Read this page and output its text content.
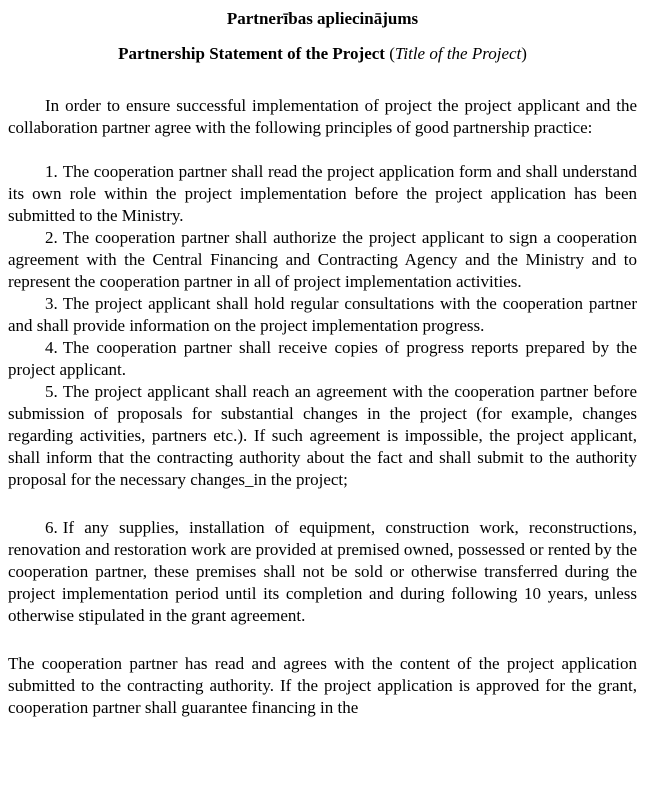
Partnerības apliecinājums
Partnership Statement of the Project (Title of the Project)

In order to ensure successful implementation of project the project applicant and the collaboration partner agree with the following principles of good partnership practice:

1. The cooperation partner shall read the project application form and shall understand its own role within the project implementation before the project application has been submitted to the Ministry.

2. The cooperation partner shall authorize the project applicant to sign a cooperation agreement with the Central Financing and Contracting Agency and the Ministry and to represent the cooperation partner in all of project implementation activities.

3. The project applicant shall hold regular consultations with the cooperation partner and shall provide information on the project implementation progress.

4. The cooperation partner shall receive copies of progress reports prepared by the project applicant.

5. The project applicant shall reach an agreement with the cooperation partner before submission of proposals for substantial changes in the project (for example, changes regarding activities, partners etc.). If such agreement is impossible, the project applicant, shall inform that the contracting authority about the fact and shall submit to the authority proposal for the necessary changes_in the project;

6. If any supplies, installation of equipment, construction work, reconstructions, renovation and restoration work are provided at premised owned, possessed or rented by the cooperation partner, these premises shall not be sold or otherwise transferred during the project implementation period until its completion and during following 10 years, unless otherwise stipulated in the grant agreement.

The cooperation partner has read and agrees with the content of the project application submitted to the contracting authority. If the project application is approved for the grant, cooperation partner shall guarantee financing in the
